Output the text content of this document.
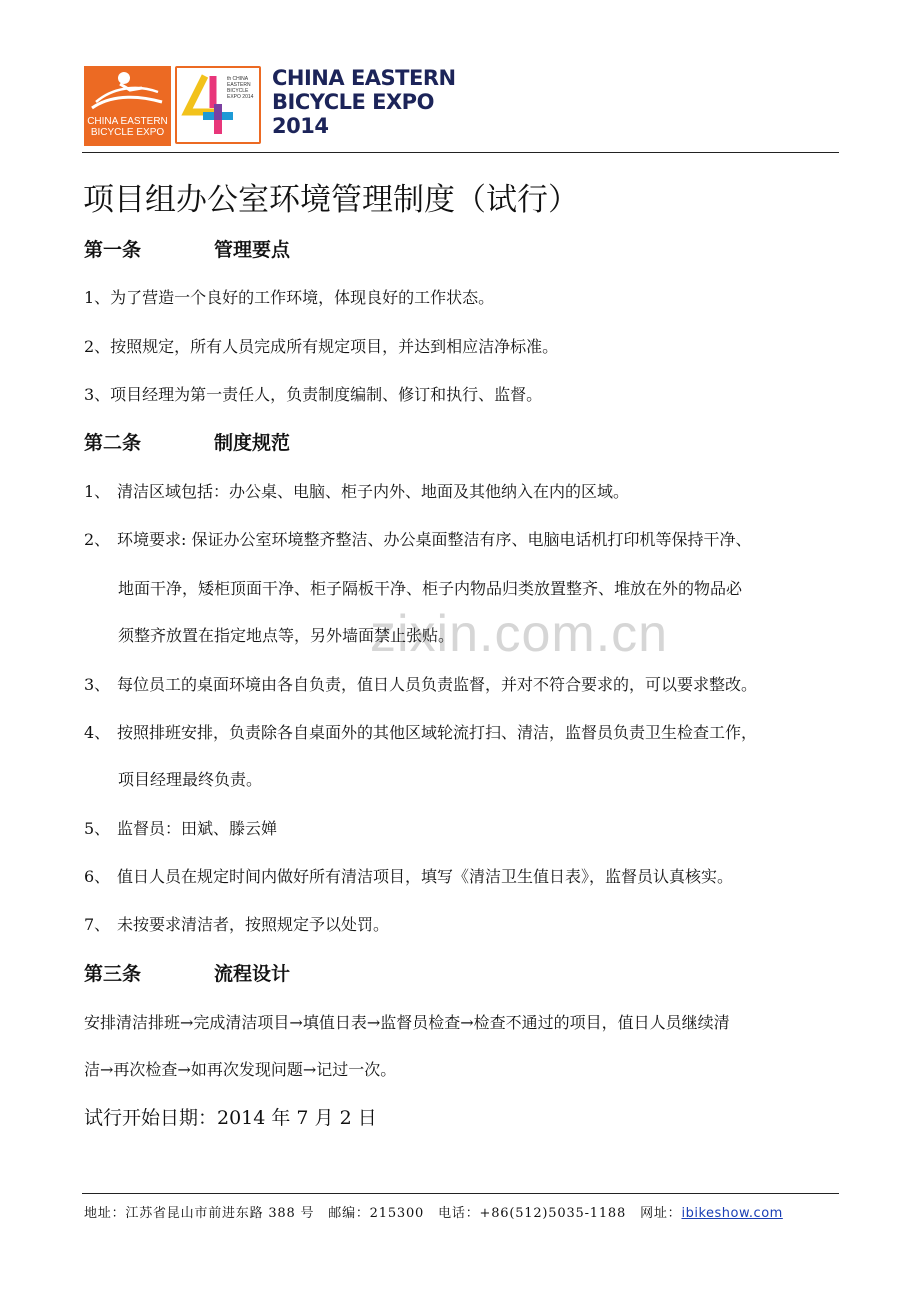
CHINA EASTERN
BICYCLE EXPO
th CHINA EASTERN BICYCLE EXPO 2014
CHINA EASTERN
BICYCLE EXPO
2014
zixin.com.cn
项目组办公室环境管理制度（试行）
第一条	管理要点
1、为了营造一个良好的工作环境，体现良好的工作状态。
2、按照规定，所有人员完成所有规定项目，并达到相应洁净标准。
3、项目经理为第一责任人，负责制度编制、修订和执行、监督。
第二条	制度规范
1、 清洁区域包括：办公桌、电脑、柜子内外、地面及其他纳入在内的区域。
2、 环境要求: 保证办公室环境整齐整洁、办公桌面整洁有序、电脑电话机打印机等保持干净、
地面干净，矮柜顶面干净、柜子隔板干净、柜子内物品归类放置整齐、堆放在外的物品必
须整齐放置在指定地点等，另外墙面禁止张贴。
3、 每位员工的桌面环境由各自负责，值日人员负责监督，并对不符合要求的，可以要求整改。
4、 按照排班安排，负责除各自桌面外的其他区域轮流打扫、清洁，监督员负责卫生检查工作，
项目经理最终负责。
5、 监督员：田斌、滕云婵
6、 值日人员在规定时间内做好所有清洁项目，填写《清洁卫生值日表》，监督员认真核实。
7、 未按要求清洁者，按照规定予以处罚。
第三条	流程设计
安排清洁排班→完成清洁项目→填值日表→监督员检查→检查不通过的项目，值日人员继续清
洁→再次检查→如再次发现问题→记过一次。
试行开始日期：2014 年 7 月 2 日
地址：江苏省昆山市前进东路 388 号 邮编：215300 电话：+86(512)5035-1188 网址：ibikeshow.com
